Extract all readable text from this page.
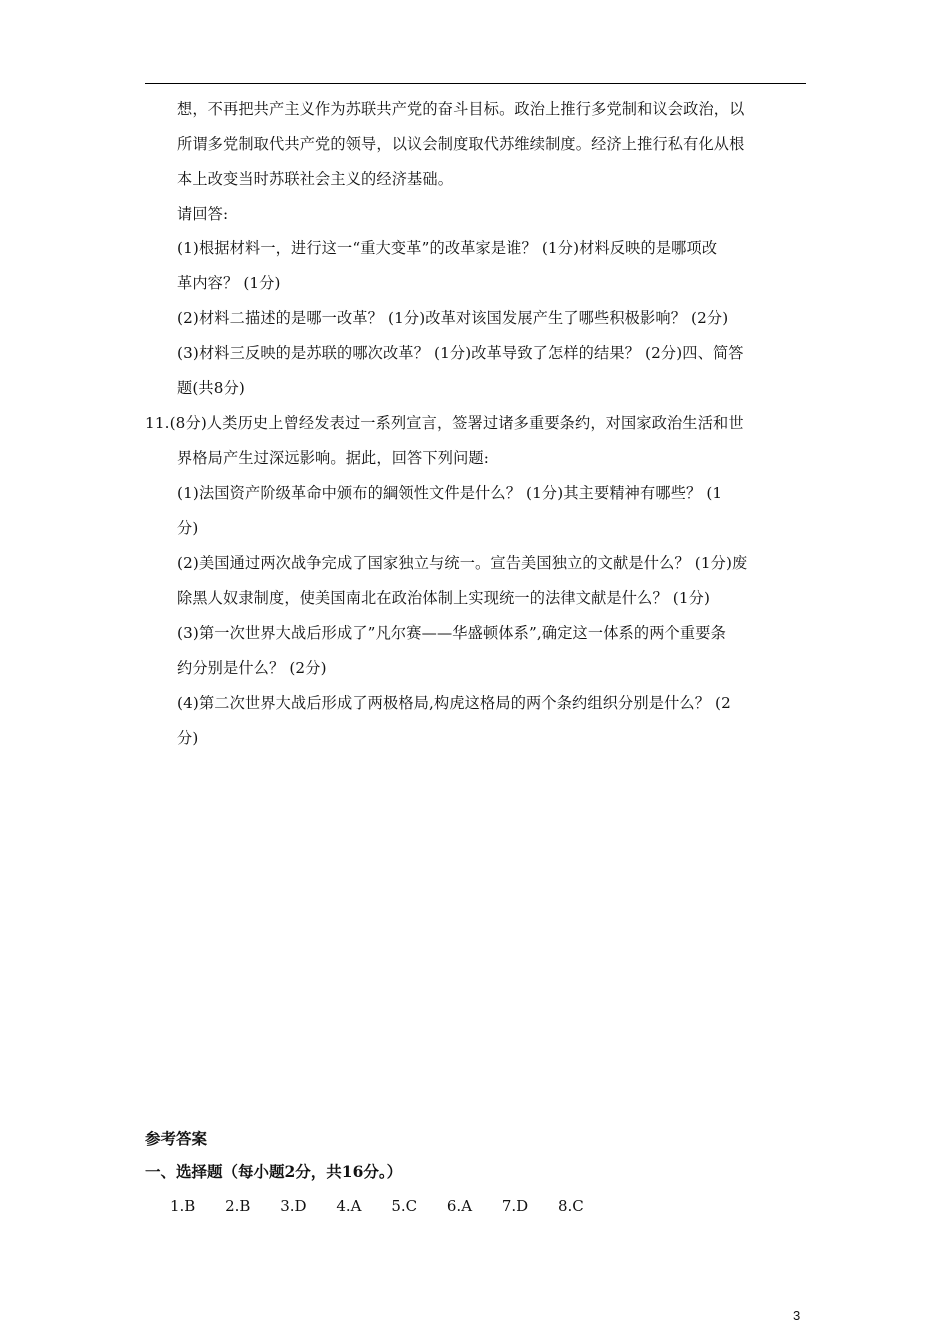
想，不再把共产主义作为苏联共产党的奋斗目标。政治上推行多党制和议会政治，以
所谓多党制取代共产党的领导，以议会制度取代苏维续制度。经济上推行私有化从根
本上改变当时苏联社会主义的经济基础。
请回答:
(1)根据材料一，进行这一“重大变革”的改革家是谁？ (1分)材料反映的是哪项改
革内容？ (1分)
(2)材料二描述的是哪一改革？ (1分)改革对该国发展产生了哪些积极影响？ (2分)
(3)材料三反映的是苏联的哪次改革？ (1分)改革导致了怎样的结果？ (2分)四、简答
题(共8分)
11.(8分)人类历史上曾经发表过一系列宣言，签署过诸多重要条约，对国家政治生活和世
界格局产生过深远影响。据此，回答下列问题:
(1)法国资产阶级革命中颁布的綱领性文件是什么？ (1分)其主要精神有哪些？ (1
分)
(2)美国通过两次战争完成了国家独立与统一。宣告美国独立的文献是什么？ (1分)废
除黑人奴隶制度，使美国南北在政治体制上实现统一的法律文献是什么？ (1分)
(3)第一次世界大战后形成了”凡尔赛——华盛顿体系”,确定这一体系的两个重要条
约分别是什么？ (2分)
(4)第二次世界大战后形成了两极格局,构虎这格局的两个条约组织分别是什么？ (2
分)
参考答案
一、选择题（每小题2分，共16分。）
1.B 2.B 3.D 4.A 5.C 6.A 7.D 8.C
3
